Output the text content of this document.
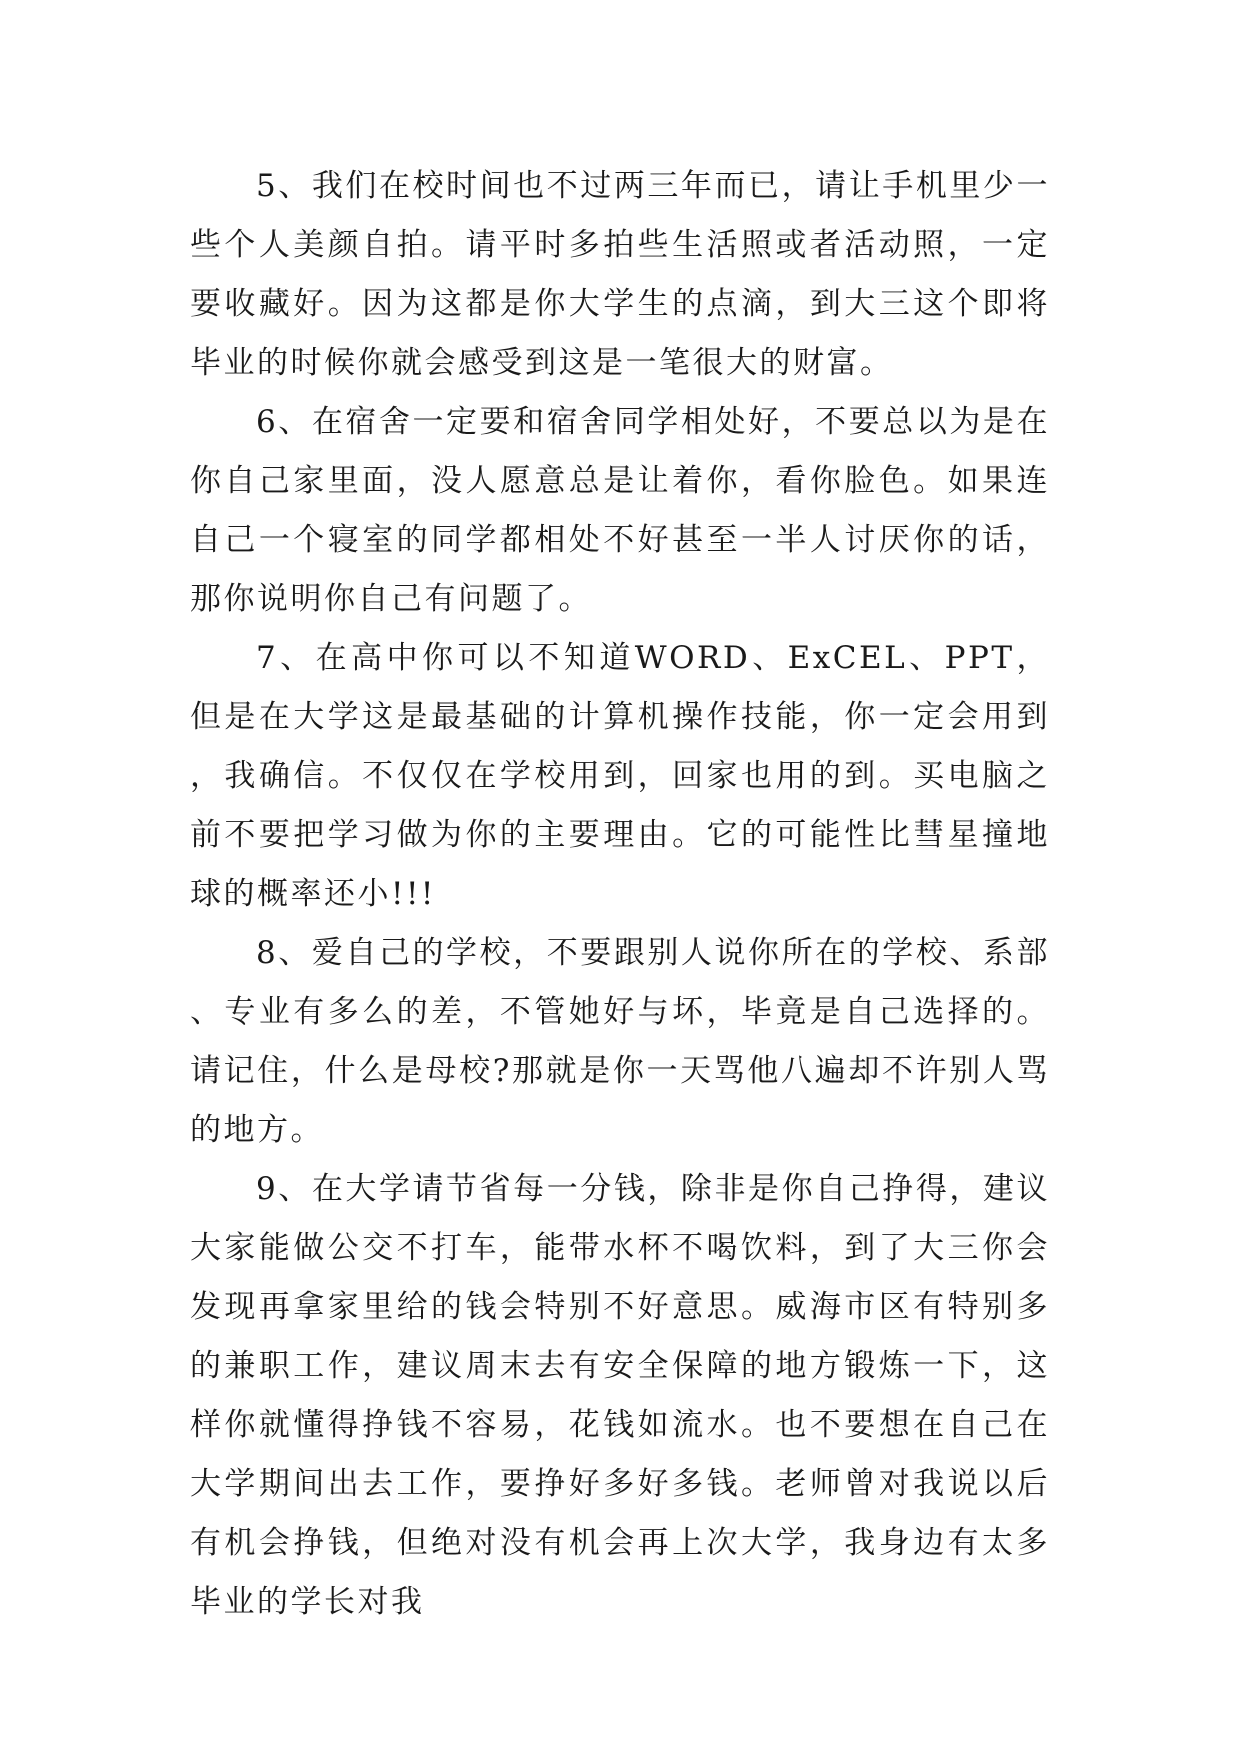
5、我们在校时间也不过两三年而已，请让手机里少一些个人美颜自拍。请平时多拍些生活照或者活动照，一定要收藏好。因为这都是你大学生的点滴，到大三这个即将毕业的时候你就会感受到这是一笔很大的财富。

6、在宿舍一定要和宿舍同学相处好，不要总以为是在你自己家里面，没人愿意总是让着你，看你脸色。如果连自己一个寝室的同学都相处不好甚至一半人讨厌你的话，那你说明你自己有问题了。

7、在高中你可以不知道WORD、ExCEL、PPT，但是在大学这是最基础的计算机操作技能，你一定会用到，我确信。不仅仅在学校用到，回家也用的到。买电脑之前不要把学习做为你的主要理由。它的可能性比彗星撞地球的概率还小!!!

8、爱自己的学校，不要跟别人说你所在的学校、系部、专业有多么的差，不管她好与坏，毕竟是自己选择的。请记住，什么是母校?那就是你一天骂他八遍却不许别人骂的地方。

9、在大学请节省每一分钱，除非是你自己挣得，建议大家能做公交不打车，能带水杯不喝饮料，到了大三你会发现再拿家里给的钱会特别不好意思。威海市区有特别多的兼职工作，建议周末去有安全保障的地方锻炼一下，这样你就懂得挣钱不容易，花钱如流水。也不要想在自己在大学期间出去工作，要挣好多好多钱。老师曾对我说以后有机会挣钱，但绝对没有机会再上次大学，我身边有太多毕业的学长对我
